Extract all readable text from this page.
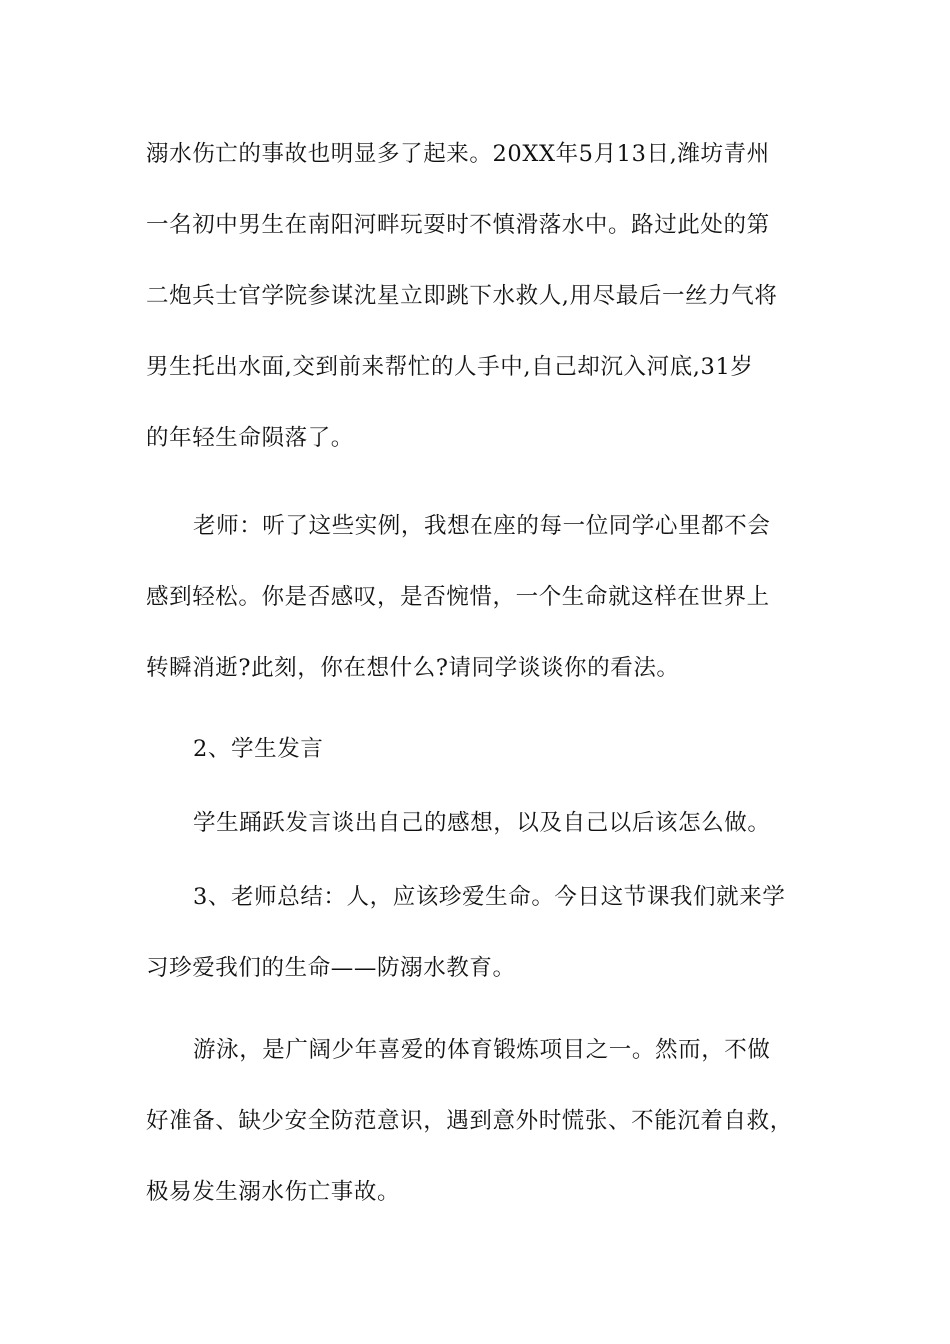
溺水伤亡的事故也明显多了起来。20XX年5月13日,潍坊青州
一名初中男生在南阳河畔玩耍时不慎滑落水中。路过此处的第
二炮兵士官学院参谋沈星立即跳下水救人,用尽最后一丝力气将
男生托出水面,交到前来帮忙的人手中,自己却沉入河底,31岁
的年轻生命陨落了。
老师：听了这些实例，我想在座的每一位同学心里都不会
感到轻松。你是否感叹，是否惋惜，一个生命就这样在世界上
转瞬消逝?此刻，你在想什么?请同学谈谈你的看法。
2、学生发言
学生踊跃发言谈出自己的感想，以及自己以后该怎么做。
3、老师总结：人，应该珍爱生命。今日这节课我们就来学
习珍爱我们的生命——防溺水教育。
游泳，是广阔少年喜爱的体育锻炼项目之一。然而，不做
好准备、缺少安全防范意识，遇到意外时慌张、不能沉着自救，
极易发生溺水伤亡事故。
